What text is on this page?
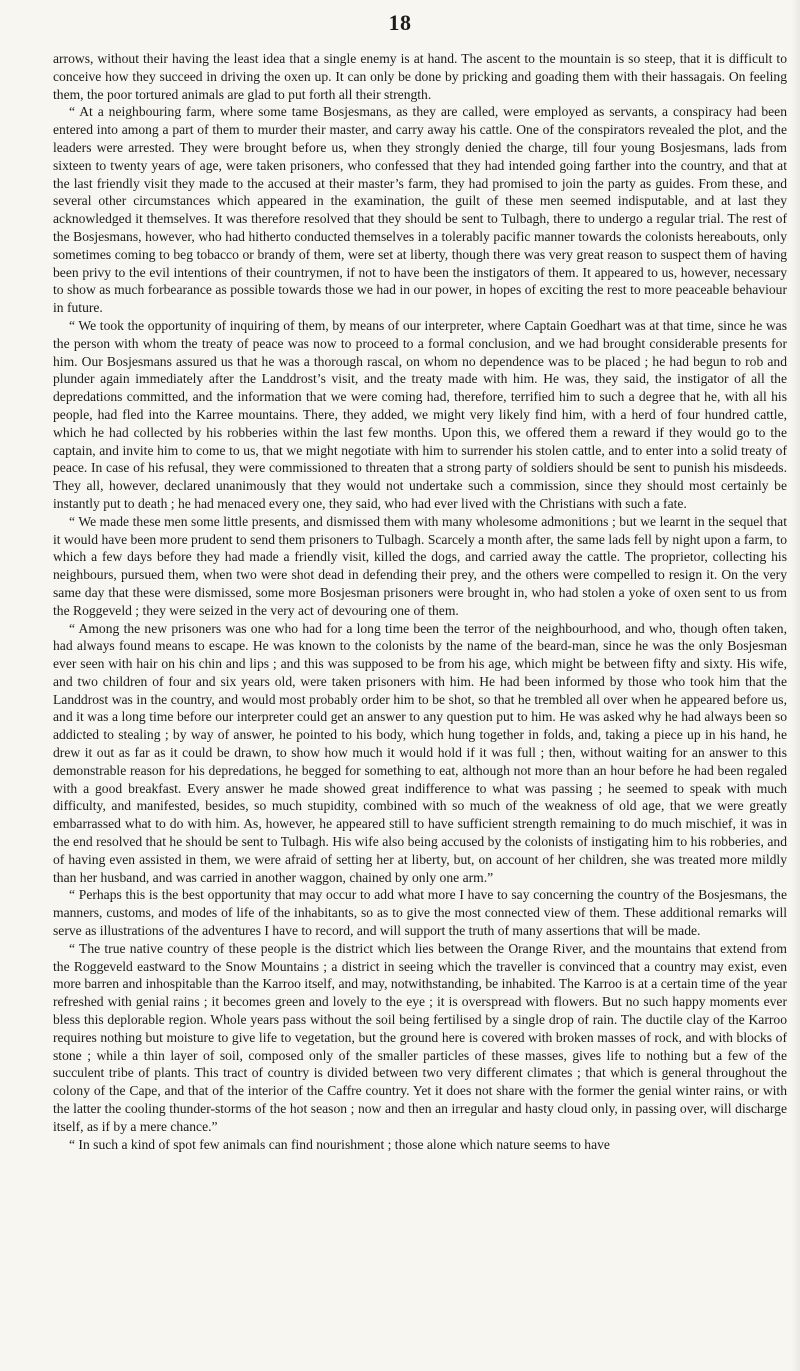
18

arrows, without their having the least idea that a single enemy is at hand. The ascent to the mountain is so steep, that it is difficult to conceive how they succeed in driving the oxen up. It can only be done by pricking and goading them with their hassagais. On feeling them, the poor tortured animals are glad to put forth all their strength.

“ At a neighbouring farm, where some tame Bosjesmans, as they are called, were employed as servants, a conspiracy had been entered into among a part of them to murder their master, and carry away his cattle. One of the conspirators revealed the plot, and the leaders were arrested. They were brought before us, when they strongly denied the charge, till four young Bosjesmans, lads from sixteen to twenty years of age, were taken prisoners, who confessed that they had intended going farther into the country, and that at the last friendly visit they made to the accused at their master’s farm, they had promised to join the party as guides. From these, and several other circumstances which appeared in the examination, the guilt of these men seemed indisputable, and at last they acknowledged it themselves. It was therefore resolved that they should be sent to Tulbagh, there to undergo a regular trial. The rest of the Bosjesmans, however, who had hitherto conducted themselves in a tolerably pacific manner towards the colonists hereabouts, only sometimes coming to beg tobacco or brandy of them, were set at liberty, though there was very great reason to suspect them of having been privy to the evil intentions of their countrymen, if not to have been the instigators of them. It appeared to us, however, necessary to show as much forbearance as possible towards those we had in our power, in hopes of exciting the rest to more peaceable behaviour in future.

“ We took the opportunity of inquiring of them, by means of our interpreter, where Captain Goedhart was at that time, since he was the person with whom the treaty of peace was now to proceed to a formal conclusion, and we had brought considerable presents for him. Our Bosjesmans assured us that he was a thorough rascal, on whom no dependence was to be placed ; he had begun to rob and plunder again immediately after the Landdrost’s visit, and the treaty made with him. He was, they said, the instigator of all the depredations committed, and the information that we were coming had, therefore, terrified him to such a degree that he, with all his people, had fled into the Karree mountains. There, they added, we might very likely find him, with a herd of four hundred cattle, which he had collected by his robberies within the last few months. Upon this, we offered them a reward if they would go to the captain, and invite him to come to us, that we might negotiate with him to surrender his stolen cattle, and to enter into a solid treaty of peace. In case of his refusal, they were commissioned to threaten that a strong party of soldiers should be sent to punish his misdeeds. They all, however, declared unanimously that they would not undertake such a commission, since they should most certainly be instantly put to death ; he had menaced every one, they said, who had ever lived with the Christians with such a fate.

“ We made these men some little presents, and dismissed them with many wholesome admonitions ; but we learnt in the sequel that it would have been more prudent to send them prisoners to Tulbagh. Scarcely a month after, the same lads fell by night upon a farm, to which a few days before they had made a friendly visit, killed the dogs, and carried away the cattle. The proprietor, collecting his neighbours, pursued them, when two were shot dead in defending their prey, and the others were compelled to resign it. On the very same day that these were dismissed, some more Bosjesman prisoners were brought in, who had stolen a yoke of oxen sent to us from the Roggeveld ; they were seized in the very act of devouring one of them.

“ Among the new prisoners was one who had for a long time been the terror of the neighbourhood, and who, though often taken, had always found means to escape. He was known to the colonists by the name of the beard-man, since he was the only Bosjesman ever seen with hair on his chin and lips ; and this was supposed to be from his age, which might be between fifty and sixty. His wife, and two children of four and six years old, were taken prisoners with him. He had been informed by those who took him that the Landdrost was in the country, and would most probably order him to be shot, so that he trembled all over when he appeared before us, and it was a long time before our interpreter could get an answer to any question put to him. He was asked why he had always been so addicted to stealing ; by way of answer, he pointed to his body, which hung together in folds, and, taking a piece up in his hand, he drew it out as far as it could be drawn, to show how much it would hold if it was full ; then, without waiting for an answer to this demonstrable reason for his depredations, he begged for something to eat, although not more than an hour before he had been regaled with a good breakfast. Every answer he made showed great indifference to what was passing ; he seemed to speak with much difficulty, and manifested, besides, so much stupidity, combined with so much of the weakness of old age, that we were greatly embarrassed what to do with him. As, however, he appeared still to have sufficient strength remaining to do much mischief, it was in the end resolved that he should be sent to Tulbagh. His wife also being accused by the colonists of instigating him to his robberies, and of having even assisted in them, we were afraid of setting her at liberty, but, on account of her children, she was treated more mildly than her husband, and was carried in another waggon, chained by only one arm.”

“ Perhaps this is the best opportunity that may occur to add what more I have to say concerning the country of the Bosjesmans, the manners, customs, and modes of life of the inhabitants, so as to give the most connected view of them. These additional remarks will serve as illustrations of the adventures I have to record, and will support the truth of many assertions that will be made.

“ The true native country of these people is the district which lies between the Orange River, and the mountains that extend from the Roggeveld eastward to the Snow Mountains ; a district in seeing which the traveller is convinced that a country may exist, even more barren and inhospitable than the Karroo itself, and may, notwithstanding, be inhabited. The Karroo is at a certain time of the year refreshed with genial rains ; it becomes green and lovely to the eye ; it is overspread with flowers. But no such happy moments ever bless this deplorable region. Whole years pass without the soil being fertilised by a single drop of rain. The ductile clay of the Karroo requires nothing but moisture to give life to vegetation, but the ground here is covered with broken masses of rock, and with blocks of stone ; while a thin layer of soil, composed only of the smaller particles of these masses, gives life to nothing but a few of the succulent tribe of plants. This tract of country is divided between two very different climates ; that which is general throughout the colony of the Cape, and that of the interior of the Caffre country. Yet it does not share with the former the genial winter rains, or with the latter the cooling thunder-storms of the hot season ; now and then an irregular and hasty cloud only, in passing over, will discharge itself, as if by a mere chance.”

“ In such a kind of spot few animals can find nourishment ; those alone which nature seems to have
